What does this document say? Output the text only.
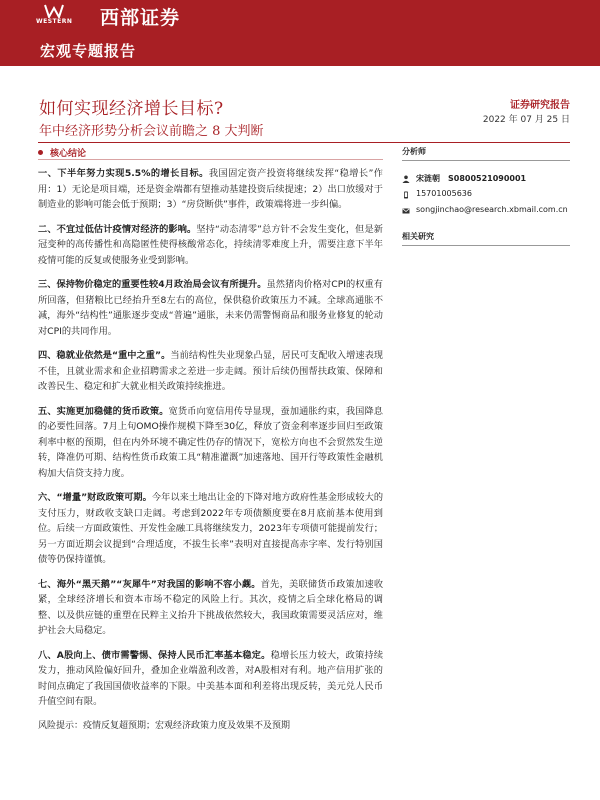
WESTERN 西部证券
宏观专题报告
如何实现经济增长目标?
年中经济形势分析会议前瞻之 8 大判断
证券研究报告
2022 年 07 月 25 日
核心结论

一、下半年努力实现5.5%的增长目标。我国固定资产投资将继续发挥“稳增长”作用：1）无论是项目端，还是资金端都有望推动基建投资后续提速；2）出口放缓对于制造业的影响可能会低于预期；3）“房贷断供”事件，政策端将进一步纠偏。

二、不宜过低估计疫情对经济的影响。坚持“动态清零”总方针不会发生变化，但是新冠变种的高传播性和高隐匿性使得核酸常态化，持续清零难度上升，需要注意下半年疫情可能的反复或使服务业受到影响。

三、保持物价稳定的重要性较4月政治局会议有所提升。虽然猪肉价格对CPI的权重有所回落，但猪粮比已经抬升至8左右的高位，保供稳价政策压力不减。全球高通胀不减，海外“结构性”通胀逐步变成“普遍”通胀，未来仍需警惕商品和服务业修复的轮动对CPI的共同作用。

四、稳就业依然是“重中之重”。当前结构性失业现象凸显，居民可支配收入增速表现不佳，且就业需求和企业招聘需求之差进一步走阔。预计后续仍围帮扶政策、保障和改善民生、稳定和扩大就业相关政策持续推进。

五、实施更加稳健的货币政策。宽货币向宽信用传导显现，蚕加通胀约束，我国降息的必要性回落。7月上旬OMO操作规模下降至30亿，释放了资金利率逐步回归至政策利率中枢的预期，但在内外环境不确定性仍存的情况下，宽松方向也不会贸然发生逆转，降准仍可期、结构性货币政策工具“精准灌溉”加速落地、国开行等政策性金融机构加大信贷支持力度。

六、“增量”财政政策可期。今年以来土地出让金的下降对地方政府性基金形成较大的支付压力，财政收支缺口走阔。考虑到2022年专项债额度要在8月底前基本使用到位。后续一方面政策性、开发性金融工具将继续发力，2023年专项债可能提前发行；另一方面近期会议提到“合理适度，不拔生长率”表明对直接提高赤字率、发行特别国债等仍保持谨慎。

七、海外“黑天鹅”“灰犀牛”对我国的影响不容小觑。首先，美联储货币政策加速收紧，全球经济增长和资本市场不稳定的风险上行。其次，疫情之后全球化格局的调整、以及供应链的重塑在民粹主义抬升下挑战依然较大，我国政策需要灵活应对，维护社会大局稳定。

八、A股向上、债市需警惕、保持人民币汇率基本稳定。稳增长压力较大，政策持续发力，推动风险偏好回升，叠加企业端盈利改善，对A股相对有利。地产信用扩张的时间点确定了我国国债收益率的下限。中美基本面和利差将出现反转，美元兑人民币升值空间有限。

风险提示：疫情反复超预期；宏观经济政策力度及效果不及预期

分析师
宋涟朝 S0800521090001
15701005636
songjinchao@research.xbmail.com.cn
相关研究
